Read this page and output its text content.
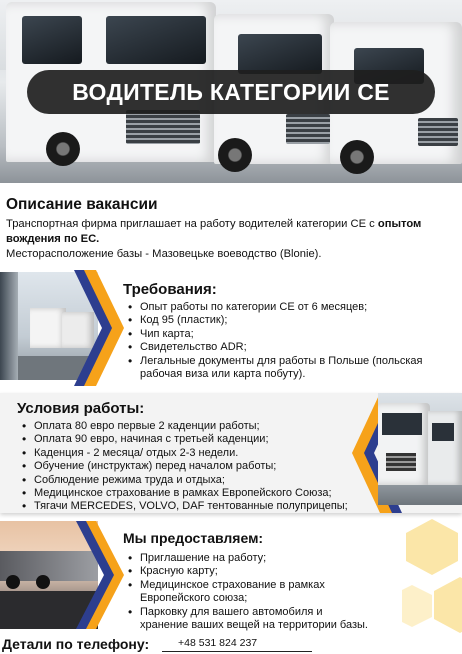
ВОДИТЕЛЬ КАТЕГОРИИ CE
Описание вакансии
Транспортная фирма приглашает на работу водителей категории CE с опытом вождения по ЕС.
Месторасположение базы - Мазовецькe воеводство (Blonie).
Требования:
• Опыт работы по категории CE от 6 месяцев;
• Код 95 (пластик);
• Чип карта;
• Свидетельство ADR;
• Легальные документы для работы в Польше (польская рабочая виза или карта побуту).
Условия работы:
• Оплата 80 евро первые 2 каденции работы;
• Оплата 90 евро, начиная с третьей каденции;
• Каденция - 2 месяца/ отдых 2-3 недели.
• Обучение (инструктаж) перед началом работы;
• Соблюдение режима труда и отдыха;
• Медицинское страхование в рамках Европейского Союза;
• Тягачи MERCEDES, VOLVO, DAF тентованные полуприцепы;
Мы предоставляем:
• Приглашение на работу;
• Красную карту;
• Медицинское страхование в рамках Европейского союза;
• Парковку для вашего автомобиля и хранение ваших вещей на территории базы.
Детали по телефону:	+48 531 824 237
